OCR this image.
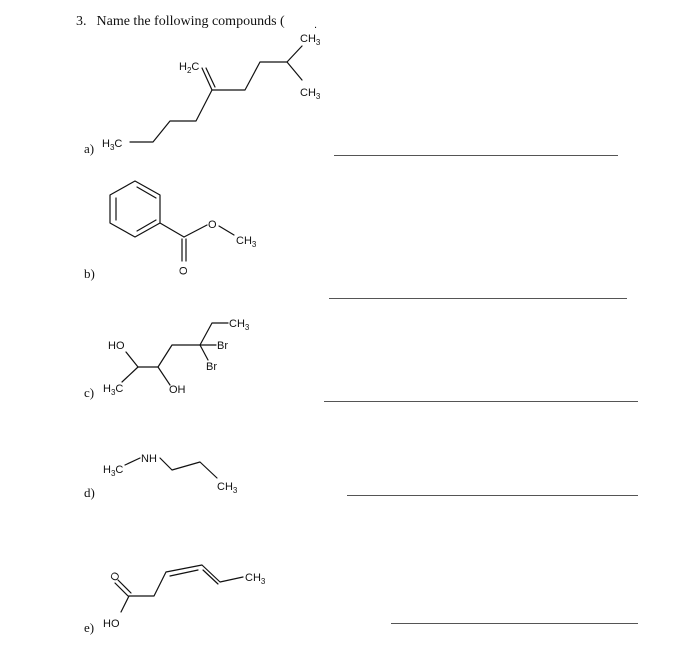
3. Name the following compounds (
a)
b)
c)
d)
e)
$CH_3$
.
$CH_3$
$H_2C$
$H_3C$
O
O
$CH_3$
HO
$H_3C$	OH
$CH_3$
Br
Br
$H_3C$
NH
$CH_3$
O
HO
$CH_3$
